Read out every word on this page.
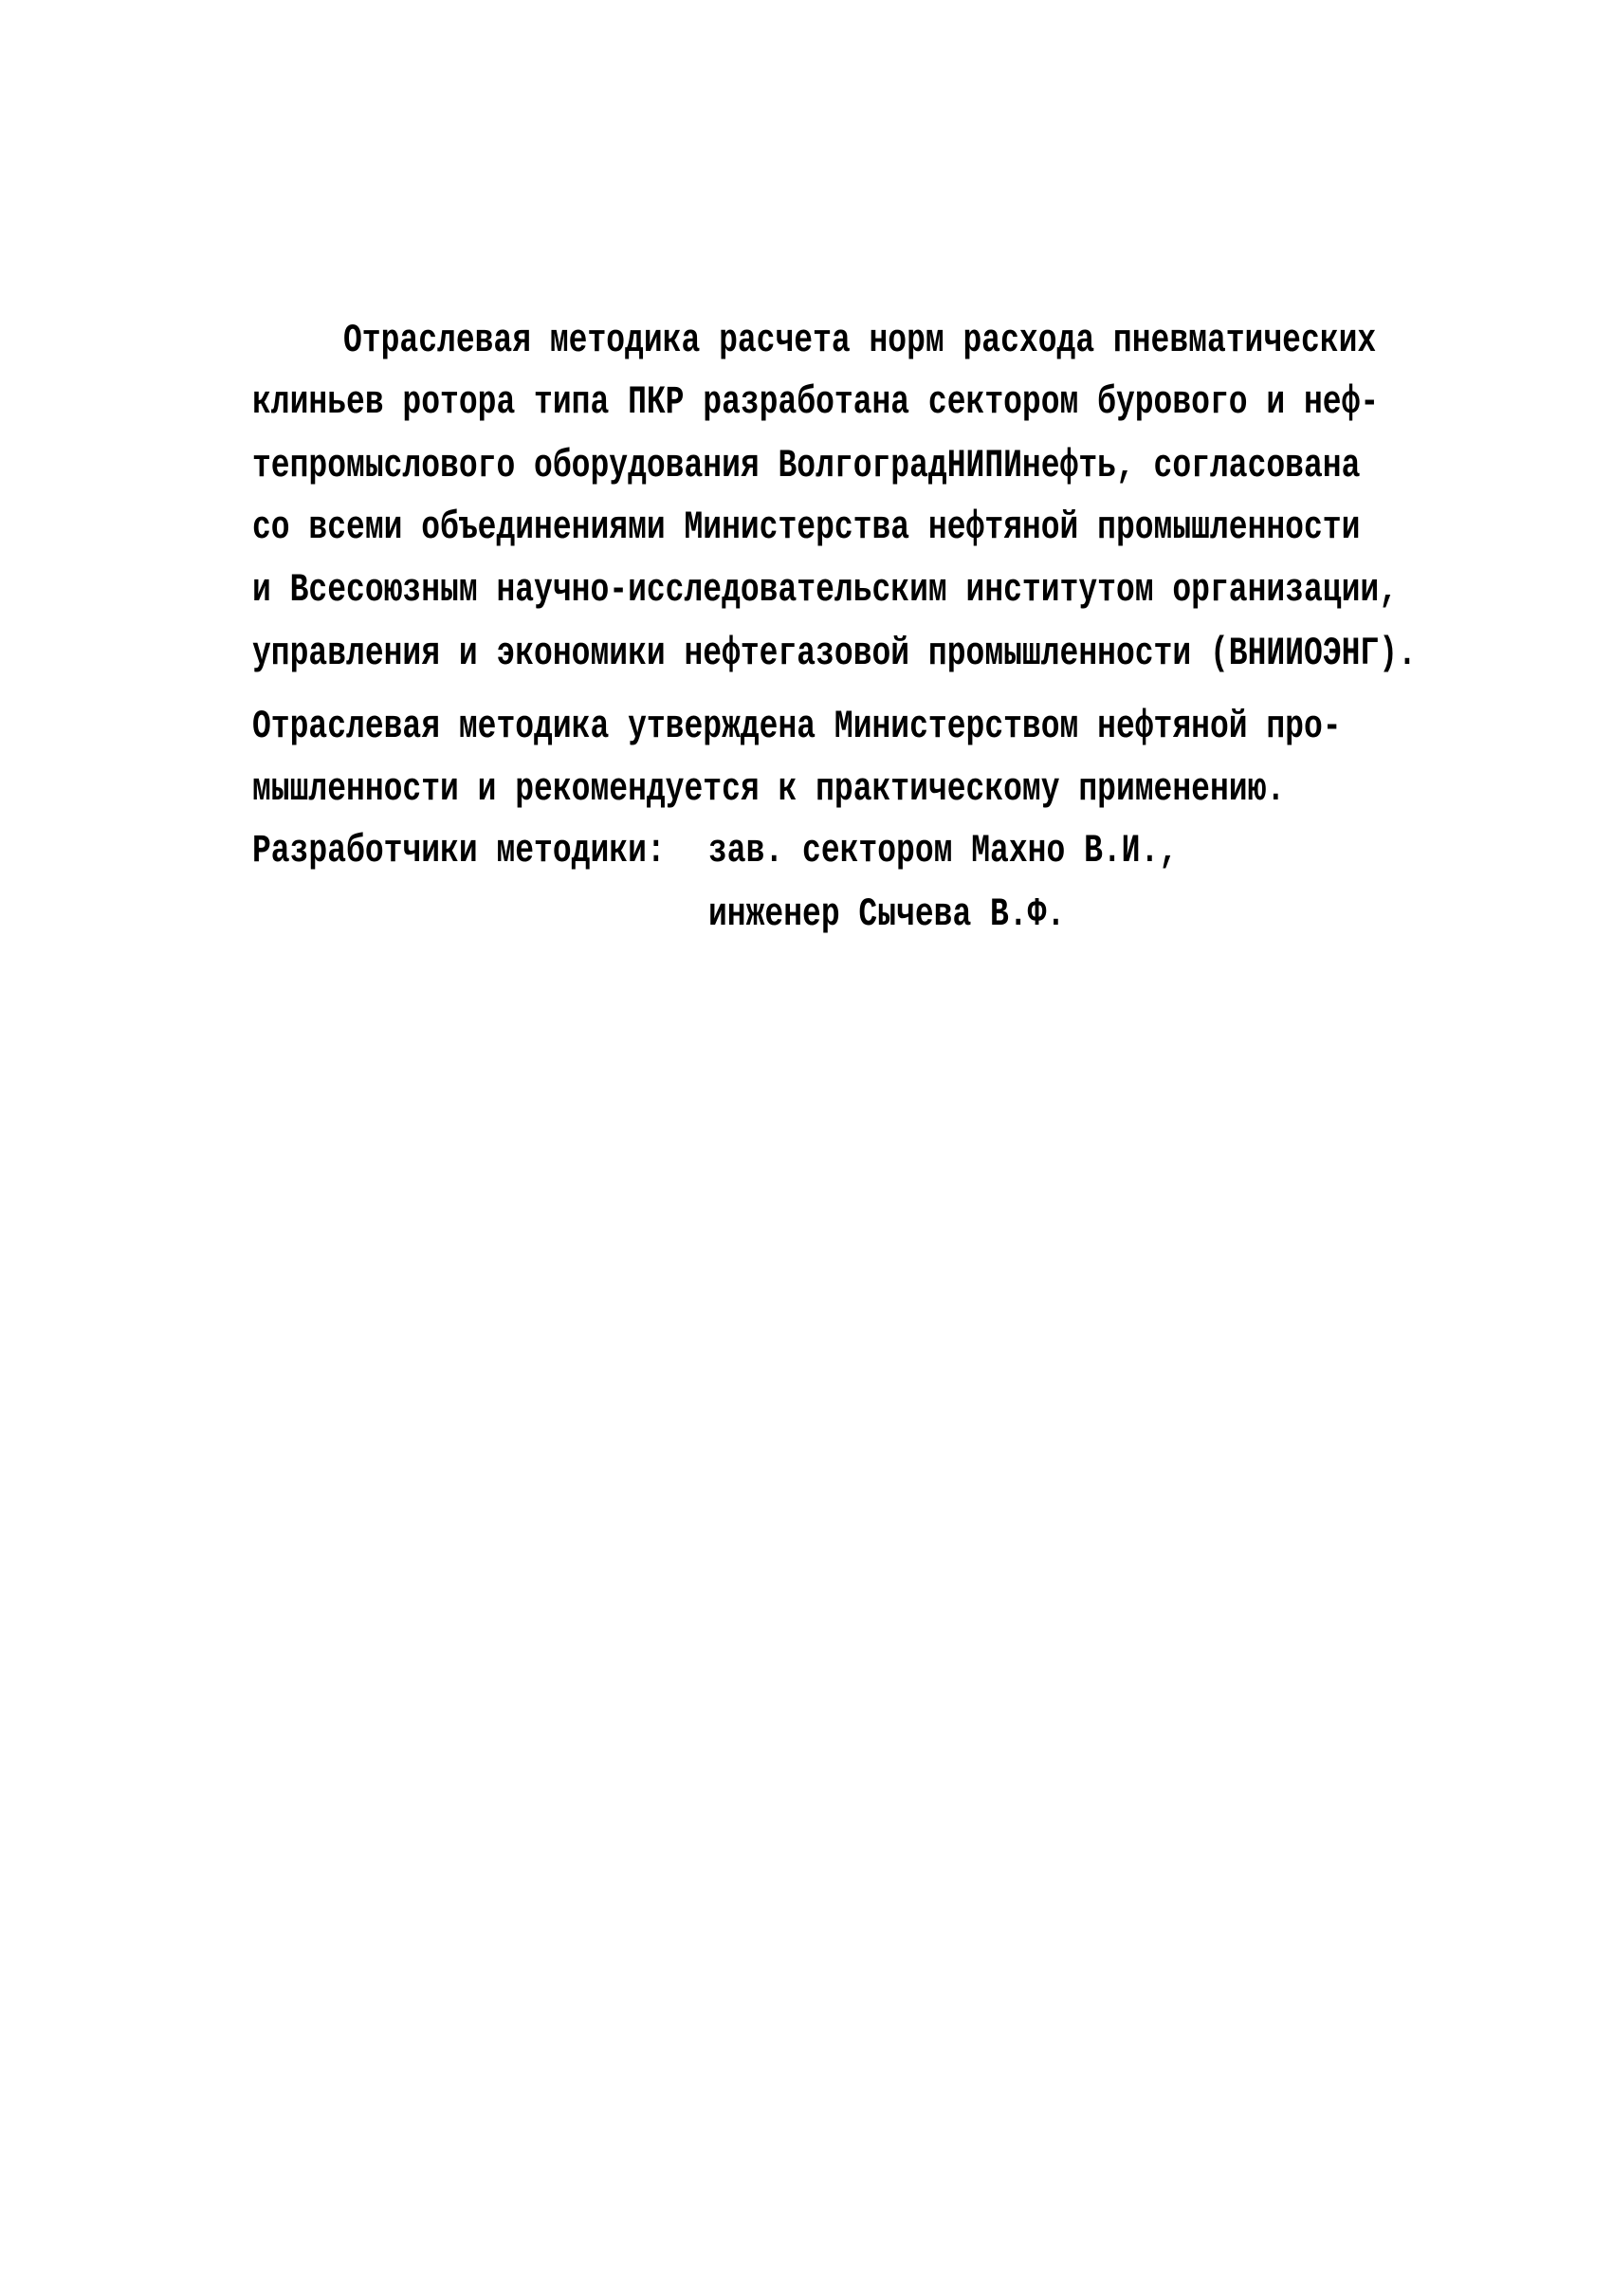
Отраслевая методика расчета норм расхода пневматических
клиньев ротора типа ПКР разработана сектором бурового и неф-
тепромыслового оборудования ВолгоградНИПИнефть, согласована
со всеми объединениями Министерства нефтяной промышленности
и Всесоюзным научно-исследовательским институтом организации,
управления и экономики нефтегазовой промышленности (ВНИИОЭНГ).
Отраслевая методика утверждена Министерством нефтяной про-
мышленности и рекомендуется к практическому применению.
Разработчики методики: зав. сектором Махно В.И.,
инженер Сычева В.Ф.
